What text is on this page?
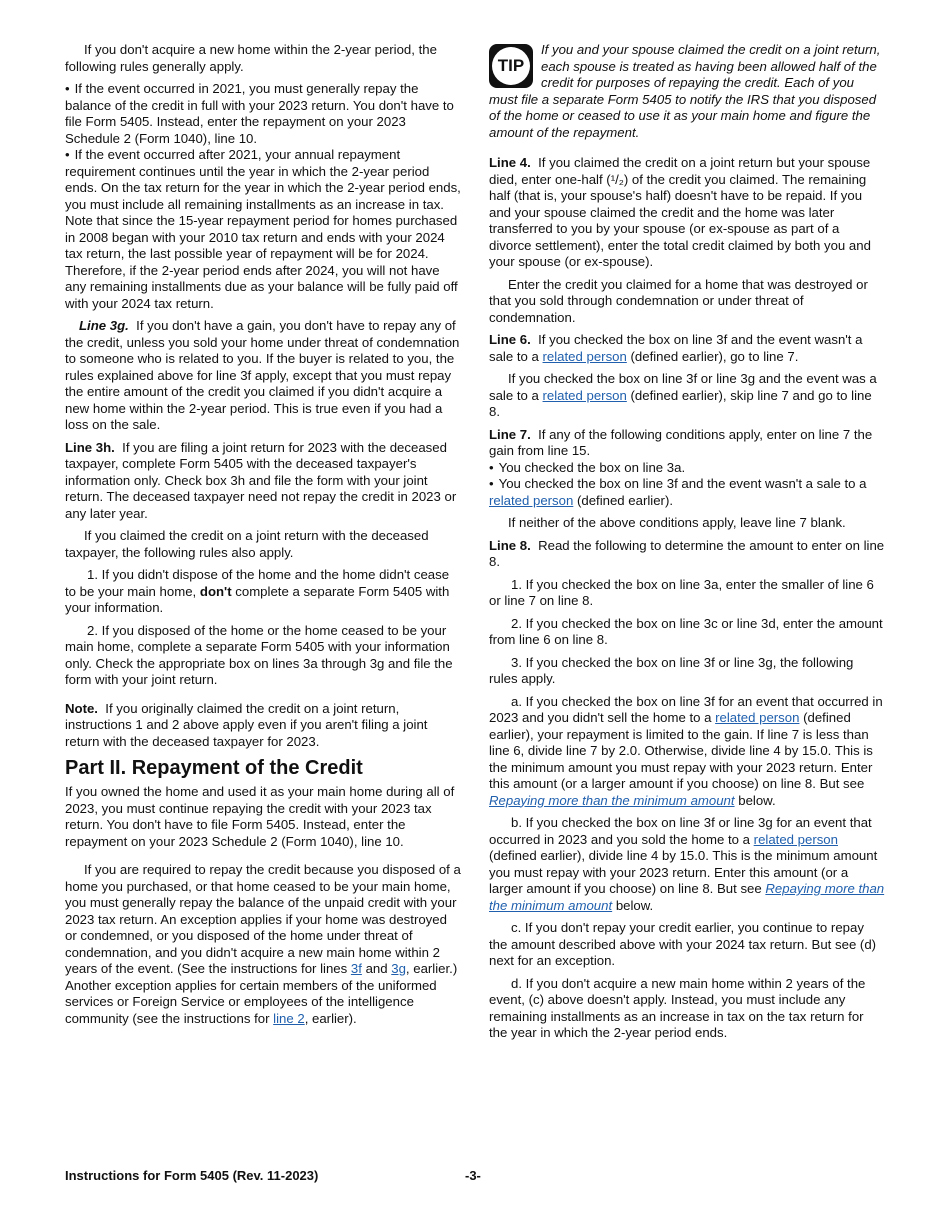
If you don't acquire a new home within the 2-year period, the following rules generally apply.

• If the event occurred in 2021, you must generally repay the balance of the credit in full with your 2023 return. You don't have to file Form 5405. Instead, enter the repayment on your 2023 Schedule 2 (Form 1040), line 10.

• If the event occurred after 2021, your annual repayment requirement continues until the year in which the 2-year period ends. On the tax return for the year in which the 2-year period ends, you must include all remaining installments as an increase in tax. Note that since the 15-year repayment period for homes purchased in 2008 began with your 2010 tax return and ends with your 2024 tax return, the last possible year of repayment will be for 2024. Therefore, if the 2-year period ends after 2024, you will not have any remaining installments due as your balance will be fully paid off with your 2024 tax return.

Line 3g. If you don't have a gain, you don't have to repay any of the credit, unless you sold your home under threat of condemnation to someone who is related to you. If the buyer is related to you, the rules explained above for line 3f apply, except that you must repay the entire amount of the credit you claimed if you didn't acquire a new home within the 2-year period. This is true even if you had a loss on the sale.

Line 3h. If you are filing a joint return for 2023 with the deceased taxpayer, complete Form 5405 with the deceased taxpayer's information only. Check box 3h and file the form with your joint return. The deceased taxpayer need not repay the credit in 2023 or any later year.

If you claimed the credit on a joint return with the deceased taxpayer, the following rules also apply.

1. If you didn't dispose of the home and the home didn't cease to be your main home, don't complete a separate Form 5405 with your information.

2. If you disposed of the home or the home ceased to be your main home, complete a separate Form 5405 with your information only. Check the appropriate box on lines 3a through 3g and file the form with your joint return.

Note. If you originally claimed the credit on a joint return, instructions 1 and 2 above apply even if you aren't filing a joint return with the deceased taxpayer for 2023.

Part II. Repayment of the Credit

If you owned the home and used it as your main home during all of 2023, you must continue repaying the credit with your 2023 tax return. You don't have to file Form 5405. Instead, enter the repayment on your 2023 Schedule 2 (Form 1040), line 10.

If you are required to repay the credit because you disposed of a home you purchased, or that home ceased to be your main home, you must generally repay the balance of the unpaid credit with your 2023 tax return. An exception applies if your home was destroyed or condemned, or you disposed of the home under threat of condemnation, and you didn't acquire a new main home within 2 years of the event. (See the instructions for lines 3f and 3g, earlier.) Another exception applies for certain members of the uniformed services or Foreign Service or employees of the intelligence community (see the instructions for line 2, earlier).

TIP
If you and your spouse claimed the credit on a joint return, each spouse is treated as having been allowed half of the credit for purposes of repaying the credit. Each of you must file a separate Form 5405 to notify the IRS that you disposed of the home or ceased to use it as your main home and figure the amount of the repayment.

Line 4. If you claimed the credit on a joint return but your spouse died, enter one-half (¹/₂) of the credit you claimed. The remaining half (that is, your spouse's half) doesn't have to be repaid. If you and your spouse claimed the credit and the home was later transferred to you by your spouse (or ex-spouse as part of a divorce settlement), enter the total credit claimed by both you and your spouse (or ex-spouse).

Enter the credit you claimed for a home that was destroyed or that you sold through condemnation or under threat of condemnation.

Line 6. If you checked the box on line 3f and the event wasn't a sale to a related person (defined earlier), go to line 7.

If you checked the box on line 3f or line 3g and the event was a sale to a related person (defined earlier), skip line 7 and go to line 8.

Line 7. If any of the following conditions apply, enter on line 7 the gain from line 15.

• You checked the box on line 3a.

• You checked the box on line 3f and the event wasn't a sale to a related person (defined earlier).

If neither of the above conditions apply, leave line 7 blank.

Line 8. Read the following to determine the amount to enter on line 8.

1. If you checked the box on line 3a, enter the smaller of line 6 or line 7 on line 8.

2. If you checked the box on line 3c or line 3d, enter the amount from line 6 on line 8.

3. If you checked the box on line 3f or line 3g, the following rules apply.

a. If you checked the box on line 3f for an event that occurred in 2023 and you didn't sell the home to a related person (defined earlier), your repayment is limited to the gain. If line 7 is less than line 6, divide line 7 by 2.0. Otherwise, divide line 4 by 15.0. This is the minimum amount you must repay with your 2023 return. Enter this amount (or a larger amount if you choose) on line 8. But see Repaying more than the minimum amount below.

b. If you checked the box on line 3f or line 3g for an event that occurred in 2023 and you sold the home to a related person (defined earlier), divide line 4 by 15.0. This is the minimum amount you must repay with your 2023 return. Enter this amount (or a larger amount if you choose) on line 8. But see Repaying more than the minimum amount below.

c. If you don't repay your credit earlier, you continue to repay the amount described above with your 2024 tax return. But see (d) next for an exception.

d. If you don't acquire a new main home within 2 years of the event, (c) above doesn't apply. Instead, you must include any remaining installments as an increase in tax on the tax return for the year in which the 2-year period ends.

Instructions for Form 5405 (Rev. 11-2023)	-3-
